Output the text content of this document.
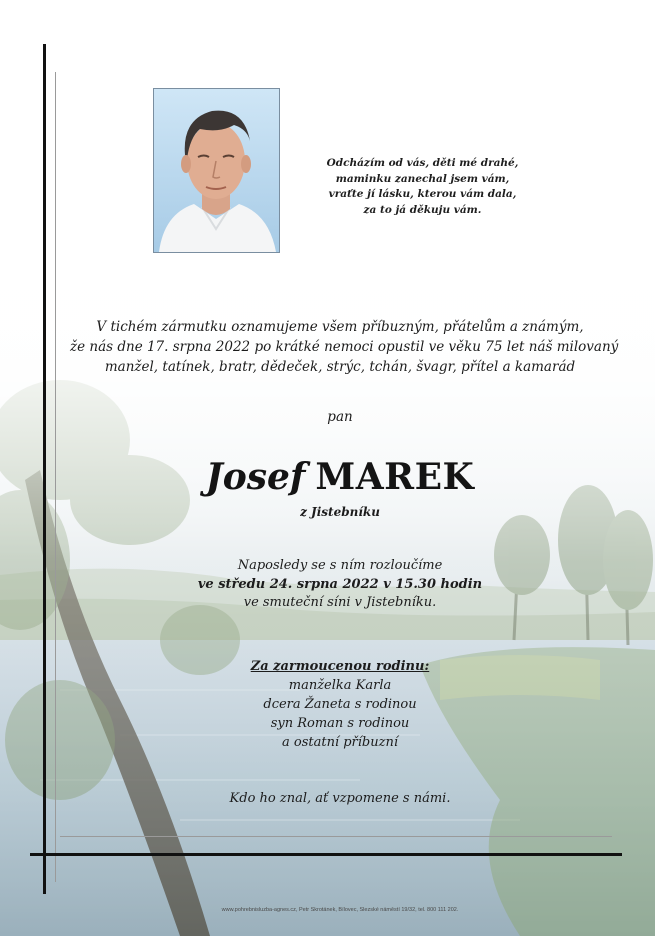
Odcházím od vás, děti mé drahé,
maminku zanechal jsem vám,
vraťte jí lásku, kterou vám dala,
za to já děkuju vám.
V tichém zármutku oznamujeme všem příbuzným, přátelům a známým,
že nás dne 17. srpna 2022 po krátké nemoci opustil ve věku 75 let náš milovaný
manžel, tatínek, bratr, dědeček, strýc, tchán, švagr, přítel a kamarád
pan
Josef MAREK
z Jistebníku
Naposledy se s ním rozloučíme
ve středu 24. srpna 2022 v 15.30 hodin
ve smuteční síni v Jistebníku.
Za zarmoucenou rodinu:
manželka Karla
dcera Žaneta s rodinou
syn Roman s rodinou
a ostatní příbuzní
Kdo ho znal, ať vzpomene s námi.
www.pohrebnisluzba-agnes.cz, Petr Skrotánek, Bílovec, Slezské náměstí 19/32, tel. 800 111 202.
